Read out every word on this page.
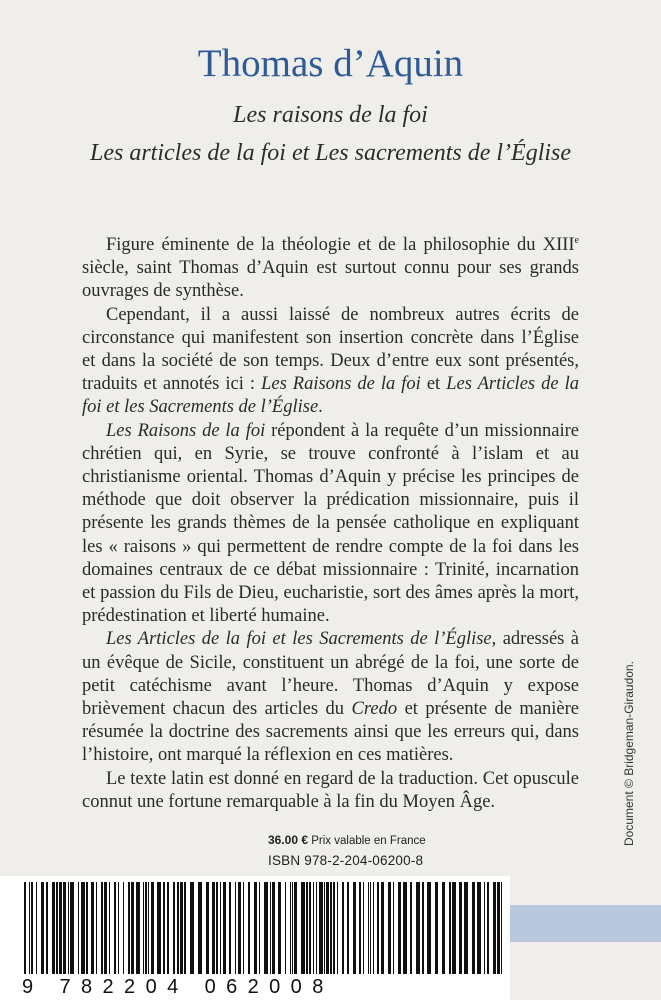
Thomas d’Aquin
Les raisons de la foi
Les articles de la foi et Les sacrements de l’Église

Figure éminente de la théologie et de la philosophie du XIIIe siècle, saint Thomas d’Aquin est surtout connu pour ses grands ouvrages de synthèse.

Cependant, il a aussi laissé de nombreux autres écrits de circonstance qui manifestent son insertion concrète dans l’Église et dans la société de son temps. Deux d’entre eux sont présentés, traduits et annotés ici : Les Raisons de la foi et Les Articles de la foi et les Sacrements de l’Église.

Les Raisons de la foi répondent à la requête d’un missionnaire chrétien qui, en Syrie, se trouve confronté à l’islam et au christianisme oriental. Thomas d’Aquin y précise les principes de méthode que doit observer la prédication missionnaire, puis il présente les grands thèmes de la pensée catholique en expliquant les « raisons » qui permettent de rendre compte de la foi dans les domaines centraux de ce débat missionnaire : Trinité, incarnation et passion du Fils de Dieu, eucharistie, sort des âmes après la mort, prédestination et liberté humaine.

Les Articles de la foi et les Sacrements de l’Église, adressés à un évêque de Sicile, constituent un abrégé de la foi, une sorte de petit catéchisme avant l’heure. Thomas d’Aquin y expose brièvement chacun des articles du Credo et présente de manière résumée la doctrine des sacrements ainsi que les erreurs qui, dans l’histoire, ont marqué la réflexion en ces matières.

Le texte latin est donné en regard de la traduction. Cet opuscule connut une fortune remarquable à la fin du Moyen Âge.

36.00 € Prix valable en France
ISBN 978-2-204-06200-8
9 782204 062008
Document © Bridgeman-Giraudon.
